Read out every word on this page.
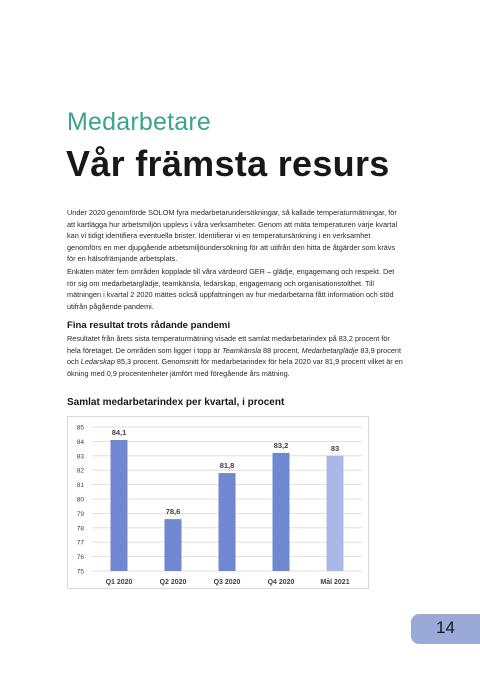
Medarbetare
Vår främsta resurs

Under 2020 genomförde SOLOM fyra medarbetarundersökningar, så kallade temperaturmätningar, för att kartlägga hur arbetsmiljön upplevs i våra verksamheter. Genom att mäta temperaturen varje kvartal kan vi tidigt identifiera eventuella brister. Identifierar vi en temperatursänkning i en verksamhet genomförs en mer djupgående arbetsmiljöundersökning för att utifrån den hitta de åtgärder som krävs för en hälsofrämjande arbetsplats.

Enkäten mäter fem områden kopplade till våra värdeord GER – glädje, engagemang och respekt. Det rör sig om medarbetarglädje, teamkänsla, ledarskap, engagemang och organisationstolthet. Till mätningen i kvartal 2 2020 mättes också uppfattningen av hur medarbetarna fått information och stöd utifrån pågående pandemi.

Fina resultat trots rådande pandemi

Resultatet från årets sista temperaturmätning visade ett samlat medarbetarindex på 83,2 procent för hela företaget. De områden som ligger i topp är Teamkänsla 88 procent, Medarbetarglädje 83,9 procent och Ledarskap 85,3 procent. Genomsnitt för medarbetarindex för hela 2020 var 81,9 procent vilket är en ökning med 0,9 procentenheter jämfört med föregående års mätning.

Samlat medarbetarindex per kvartal, i procent
75
76
77
78
79
80
81
82
83
84
85	84,1
Q1 2020
78,6
Q2 2020
81,8
Q3 2020
83,2
Q4 2020
83
Mål 2021
14
